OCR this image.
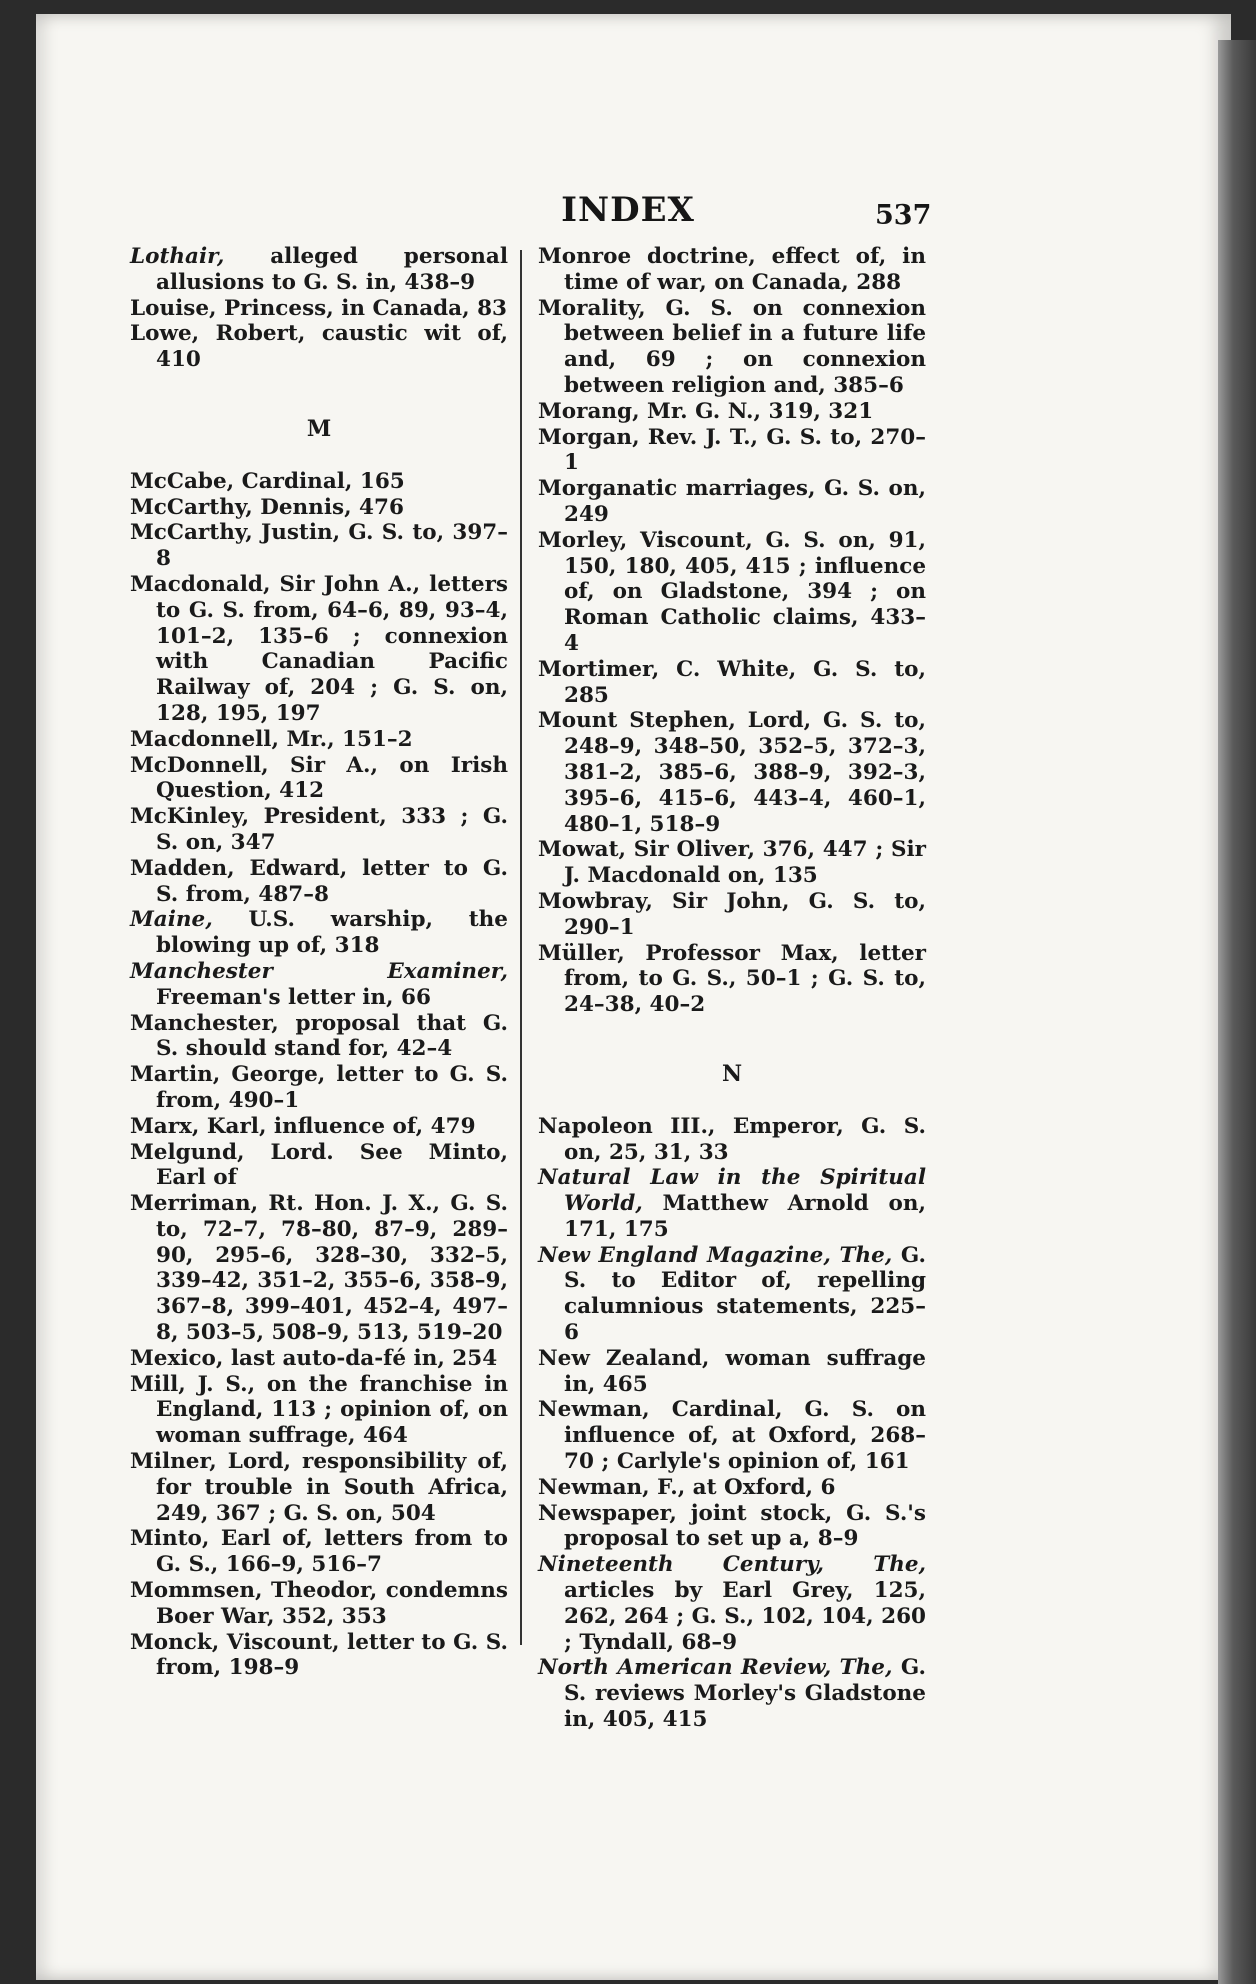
INDEX	537

Lothair, alleged personal allusions to G. S. in, 438–9

Louise, Princess, in Canada, 83

Lowe, Robert, caustic wit of, 410

M

McCabe, Cardinal, 165

McCarthy, Dennis, 476

McCarthy, Justin, G. S. to, 397–8

Macdonald, Sir John A., letters to G. S. from, 64–6, 89, 93–4, 101–2, 135–6 ; connexion with Canadian Pacific Railway of, 204 ; G. S. on, 128, 195, 197

Macdonnell, Mr., 151–2

McDonnell, Sir A., on Irish Question, 412

McKinley, President, 333 ; G. S. on, 347

Madden, Edward, letter to G. S. from, 487–8

Maine, U.S. warship, the blowing up of, 318

Manchester Examiner, Freeman's letter in, 66

Manchester, proposal that G. S. should stand for, 42–4

Martin, George, letter to G. S. from, 490–1

Marx, Karl, influence of, 479

Melgund, Lord. See Minto, Earl of

Merriman, Rt. Hon. J. X., G. S. to, 72–7, 78–80, 87–9, 289–90, 295–6, 328–30, 332–5, 339–42, 351–2, 355–6, 358–9, 367–8, 399–401, 452–4, 497–8, 503–5, 508–9, 513, 519–20

Mexico, last auto-da-fé in, 254

Mill, J. S., on the franchise in England, 113 ; opinion of, on woman suffrage, 464

Milner, Lord, responsibility of, for trouble in South Africa, 249, 367 ; G. S. on, 504

Minto, Earl of, letters from to G. S., 166–9, 516–7

Mommsen, Theodor, condemns Boer War, 352, 353

Monck, Viscount, letter to G. S. from, 198–9

Monroe doctrine, effect of, in time of war, on Canada, 288

Morality, G. S. on connexion between belief in a future life and, 69 ; on connexion between religion and, 385–6

Morang, Mr. G. N., 319, 321

Morgan, Rev. J. T., G. S. to, 270–1

Morganatic marriages, G. S. on, 249

Morley, Viscount, G. S. on, 91, 150, 180, 405, 415 ; influence of, on Gladstone, 394 ; on Roman Catholic claims, 433–4

Mortimer, C. White, G. S. to, 285

Mount Stephen, Lord, G. S. to, 248–9, 348–50, 352–5, 372–3, 381–2, 385–6, 388–9, 392–3, 395–6, 415–6, 443–4, 460–1, 480–1, 518–9

Mowat, Sir Oliver, 376, 447 ; Sir J. Macdonald on, 135

Mowbray, Sir John, G. S. to, 290–1

Müller, Professor Max, letter from, to G. S., 50–1 ; G. S. to, 24–38, 40–2

N

Napoleon III., Emperor, G. S. on, 25, 31, 33

Natural Law in the Spiritual World, Matthew Arnold on, 171, 175

New England Magazine, The, G. S. to Editor of, repelling calumnious statements, 225–6

New Zealand, woman suffrage in, 465

Newman, Cardinal, G. S. on influence of, at Oxford, 268–70 ; Carlyle's opinion of, 161

Newman, F., at Oxford, 6

Newspaper, joint stock, G. S.'s proposal to set up a, 8–9

Nineteenth Century, The, articles by Earl Grey, 125, 262, 264 ; G. S., 102, 104, 260 ; Tyndall, 68–9

North American Review, The, G. S. reviews Morley's Gladstone in, 405, 415
